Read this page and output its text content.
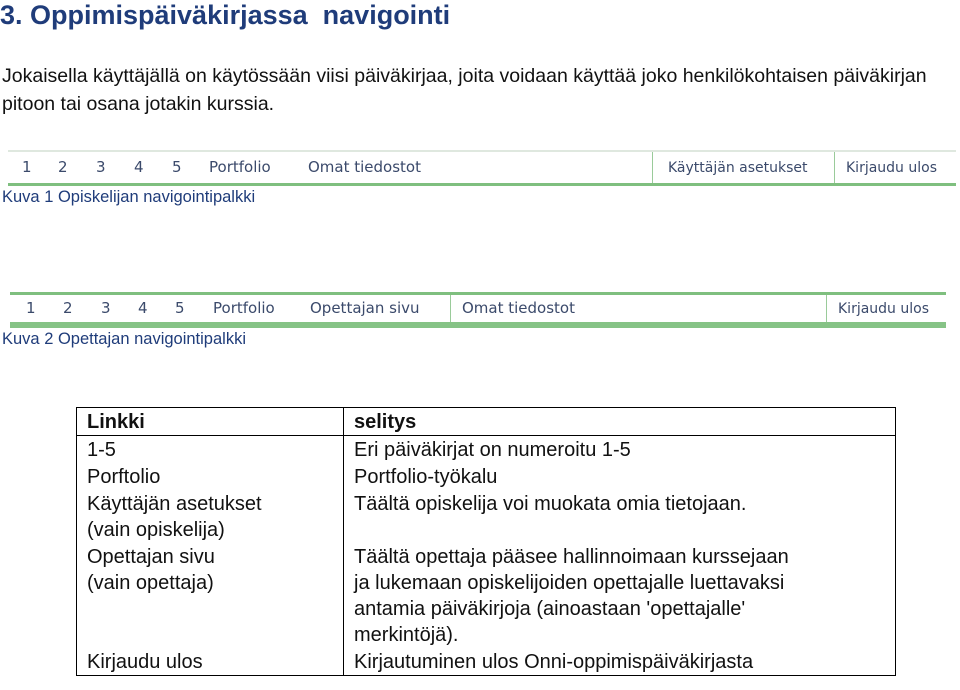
3. Oppimispäiväkirjassa  navigointi

Jokaisella käyttäjällä on käytössään viisi päiväkirjaa, joita voidaan käyttää joko henkilökohtaisen päiväkirjan pitoon tai osana jotakin kurssia.

1 2 3 4 5 Portfolio Omat tiedostot	Käyttäjän asetukset	Kirjaudu ulos

Kuva 1 Opiskelijan navigointipalkki

1 2 3 4 5 Portfolio Opettajan sivu	Omat tiedostot	Kirjaudu ulos

Kuva 2 Opettajan navigointipalkki

Linkki	selitys

1-5	Eri päiväkirjat on numeroitu 1-5

Porftolio	Portfolio-työkalu

Käyttäjän asetukset
(vain opiskelija)	Täältä opiskelija voi muokata omia tietojaan.

Opettajan sivu
(vain opettaja)	Täältä opettaja pääsee hallinnoimaan kurssejaan
ja lukemaan opiskelijoiden opettajalle luettavaksi
antamia päiväkirjoja (ainoastaan 'opettajalle'
merkintöjä).

Kirjaudu ulos	Kirjautuminen ulos Onni-oppimispäiväkirjasta
